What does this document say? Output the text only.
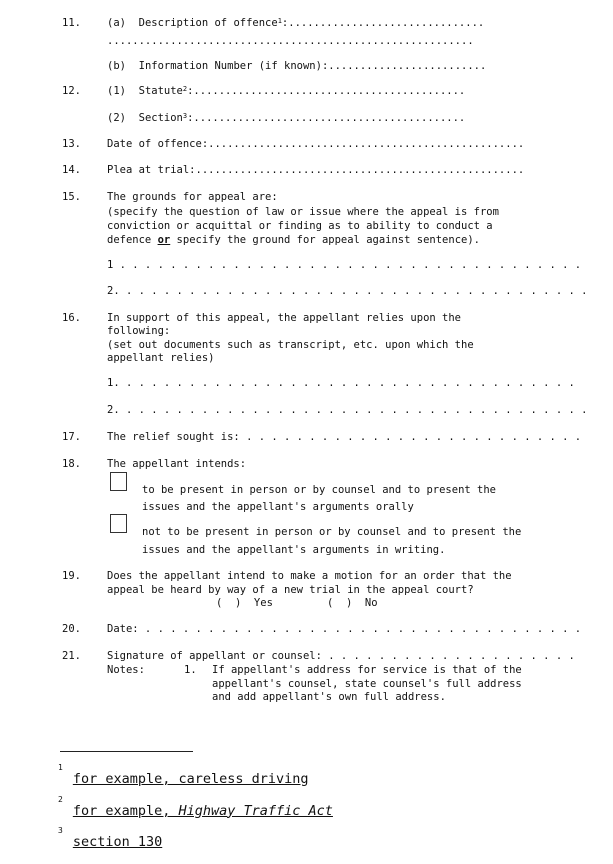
11. (a) Description of offence$^1$:...............................
..........................................................
(b) Information Number (if known):.........................
12. (1) Statute$^2$:...........................................
(2) Section$^3$:...........................................
13. Date of offence:..................................................
14. Plea at trial:....................................................
15. The grounds for appeal are:
(specify the question of law or issue where the appeal is from
conviction or acquittal or finding as to ability to conduct a
defence or specify the ground for appeal against sentence).
1 . . . . . . . . . . . . . . . . . . . . . . . . . . . . . . . . . . . . .
2. . . . . . . . . . . . . . . . . . . . . . . . . . . . . . . . . . . . . .
16. In support of this appeal, the appellant relies upon the
following:
(set out documents such as transcript, etc. upon which the
appellant relies)
1. . . . . . . . . . . . . . . . . . . . . . . . . . . . . . . . . . . . .
2. . . . . . . . . . . . . . . . . . . . . . . . . . . . . . . . . . . . . .
17. The relief sought is: . . . . . . . . . . . . . . . . . . . . . . . . . . .
18. The appellant intends:
to be present in person or by counsel and to present the
issues and the appellant's arguments orally
not to be present in person or by counsel and to present the
issues and the appellant's arguments in writing.
19. Does the appellant intend to make a motion for an order that the
appeal be heard by way of a new trial in the appeal court?
(  )  Yes	(  )  No
20. Date: . . . . . . . . . . . . . . . . . . . . . . . . . . . . . . . . . . .
21. Signature of appellant or counsel: . . . . . . . . . . . . . . . . . . . .
Notes:	1. If appellant's address for service is that of the
appellant's counsel, state counsel's full address
and add appellant's own full address.
$^1$for example, careless driving
$^2$for example, Highway Traffic Act
$^3$section 130
